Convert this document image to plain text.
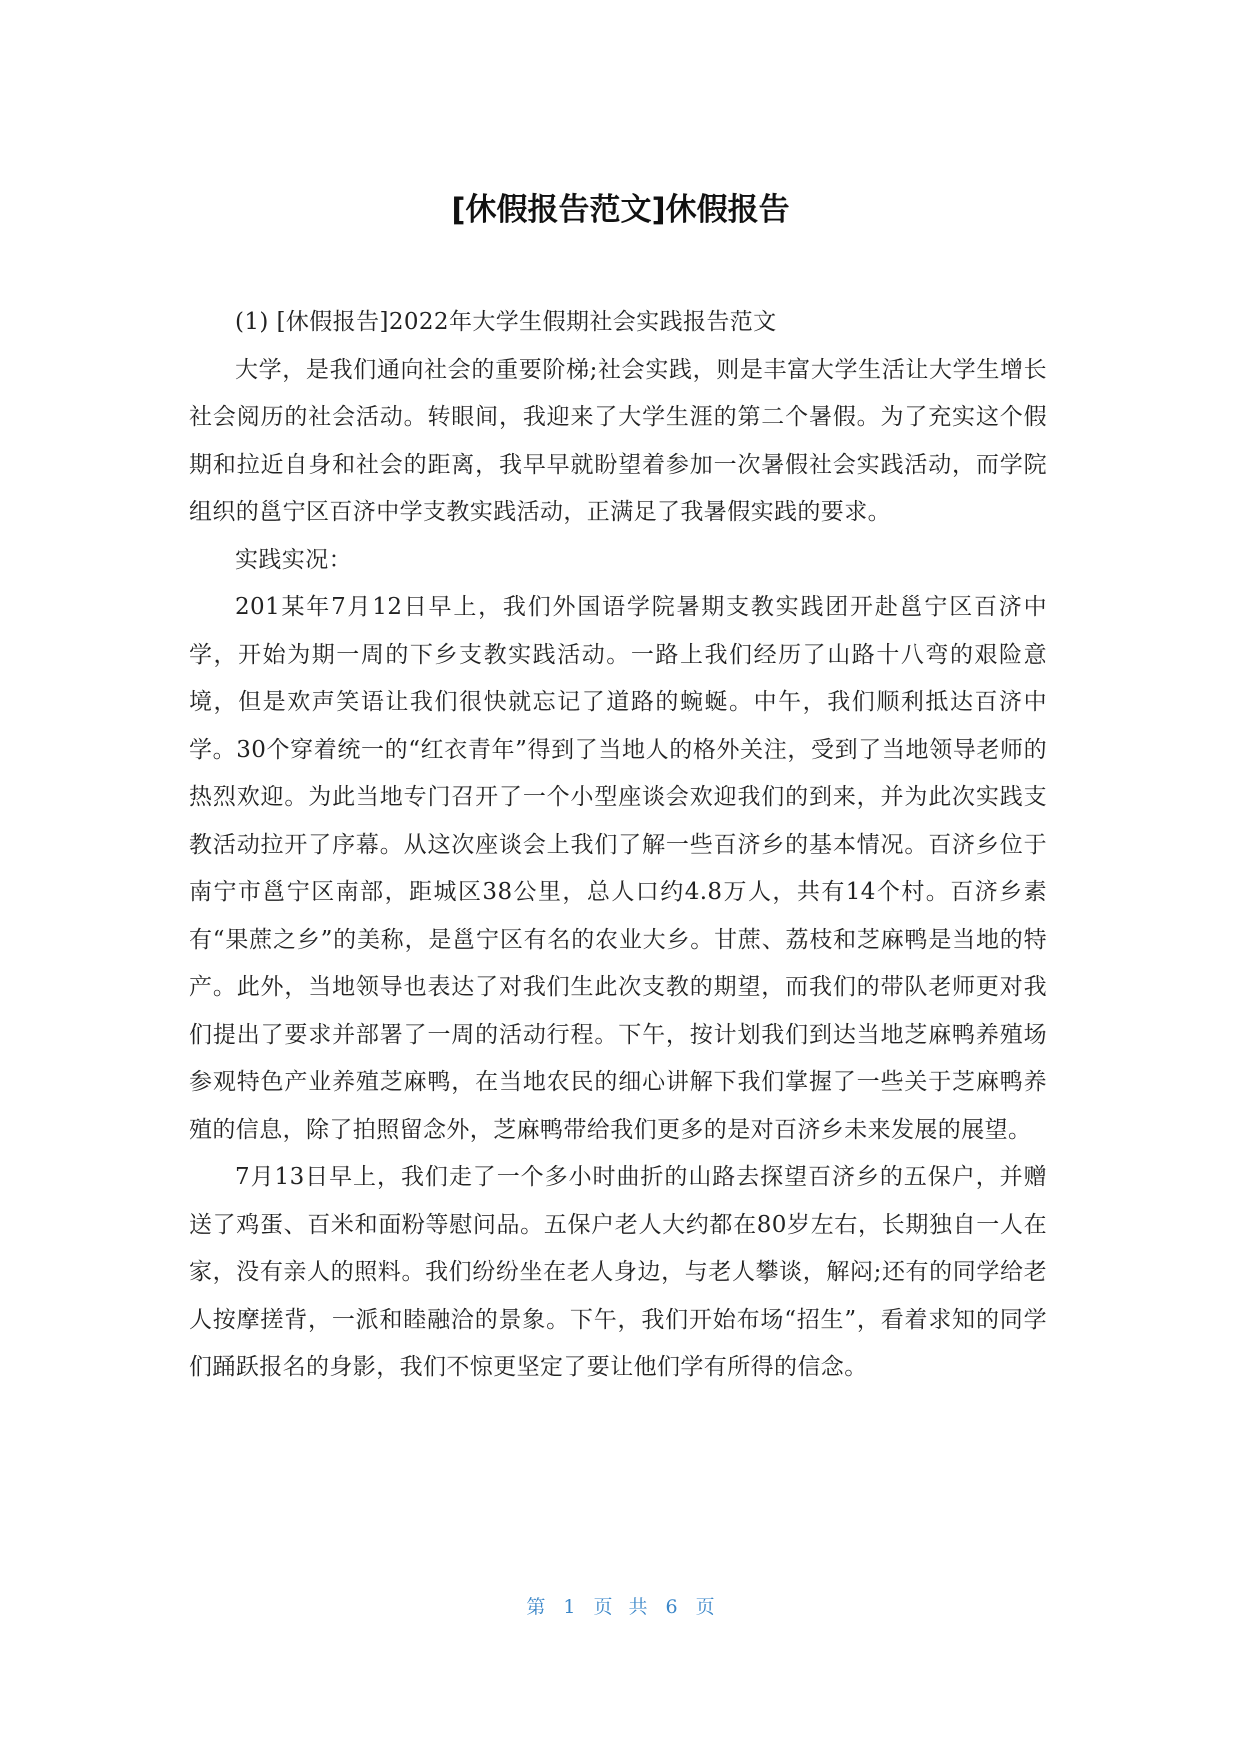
[休假报告范文]休假报告

(1) [休假报告]2022年大学生假期社会实践报告范文

大学，是我们通向社会的重要阶梯;社会实践，则是丰富大学生活让大学生增长社会阅历的社会活动。转眼间，我迎来了大学生涯的第二个暑假。为了充实这个假期和拉近自身和社会的距离，我早早就盼望着参加一次暑假社会实践活动，而学院组织的邕宁区百济中学支教实践活动，正满足了我暑假实践的要求。

实践实况：

201某年7月12日早上，我们外国语学院暑期支教实践团开赴邕宁区百济中学，开始为期一周的下乡支教实践活动。一路上我们经历了山路十八弯的艰险意境，但是欢声笑语让我们很快就忘记了道路的蜿蜒。中午，我们顺利抵达百济中学。30个穿着统一的“红衣青年”得到了当地人的格外关注，受到了当地领导老师的热烈欢迎。为此当地专门召开了一个小型座谈会欢迎我们的到来，并为此次实践支教活动拉开了序幕。从这次座谈会上我们了解一些百济乡的基本情况。百济乡位于南宁市邕宁区南部，距城区38公里，总人口约4.8万人，共有14个村。百济乡素有“果蔗之乡”的美称，是邕宁区有名的农业大乡。甘蔗、荔枝和芝麻鸭是当地的特产。此外，当地领导也表达了对我们生此次支教的期望，而我们的带队老师更对我们提出了要求并部署了一周的活动行程。下午，按计划我们到达当地芝麻鸭养殖场参观特色产业养殖芝麻鸭，在当地农民的细心讲解下我们掌握了一些关于芝麻鸭养殖的信息，除了拍照留念外，芝麻鸭带给我们更多的是对百济乡未来发展的展望。

7月13日早上，我们走了一个多小时曲折的山路去探望百济乡的五保户，并赠送了鸡蛋、百米和面粉等慰问品。五保户老人大约都在80岁左右，长期独自一人在家，没有亲人的照料。我们纷纷坐在老人身边，与老人攀谈，解闷;还有的同学给老人按摩搓背，一派和睦融洽的景象。下午，我们开始布场“招生”，看着求知的同学们踊跃报名的身影，我们不惊更坚定了要让他们学有所得的信念。

第 1 页 共 6 页
